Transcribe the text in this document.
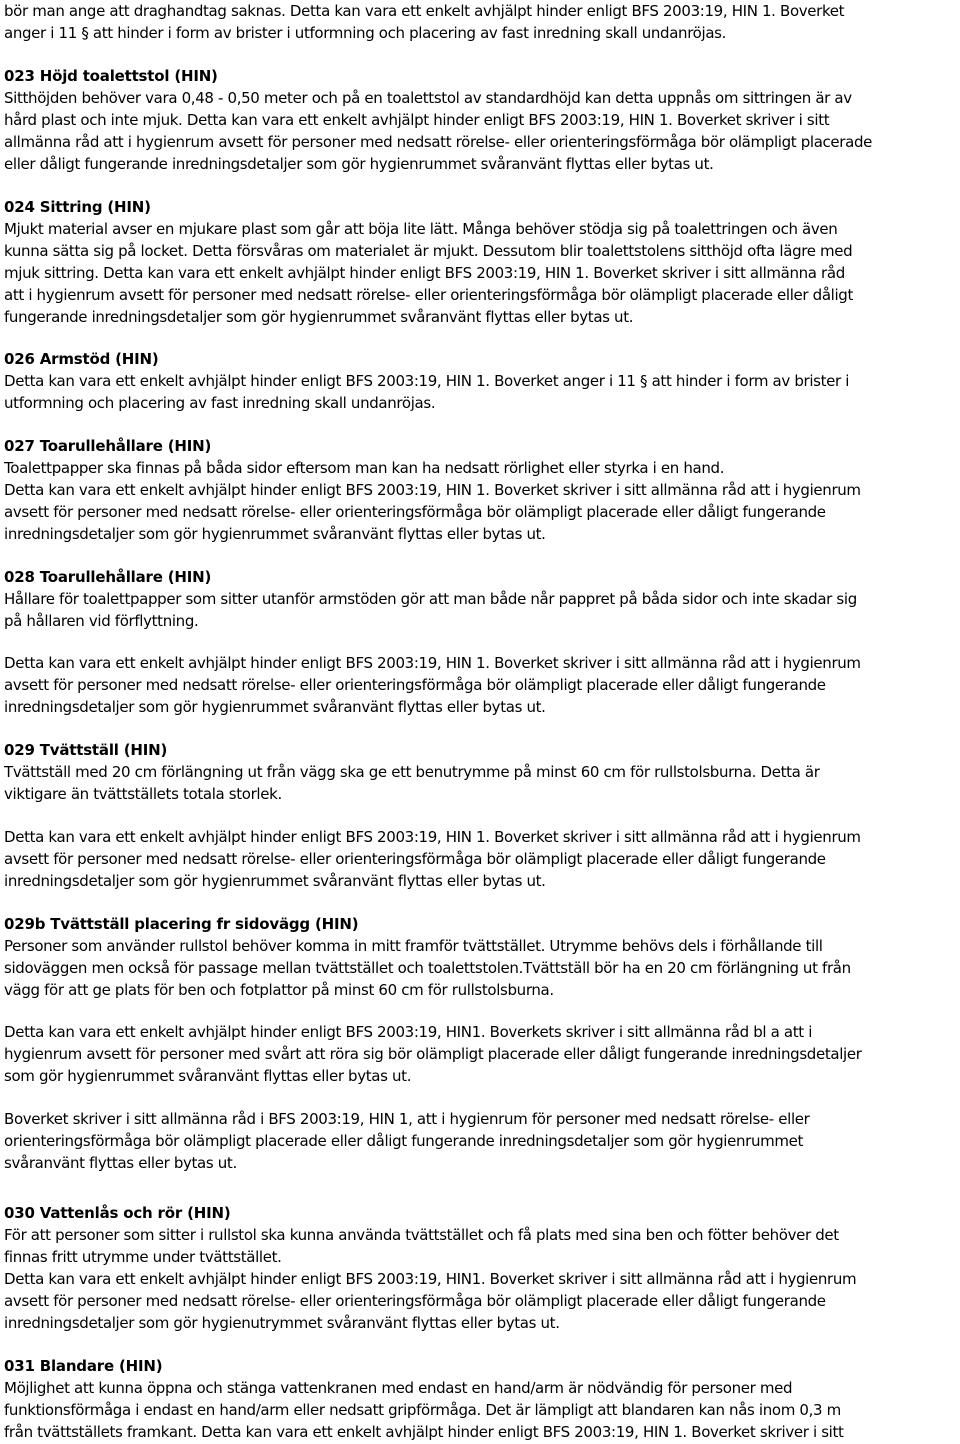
bör man ange att draghandtag saknas. Detta kan vara ett enkelt avhjälpt hinder enligt BFS 2003:19, HIN 1. Boverket
anger i 11 § att hinder i form av brister i utformning och placering av fast inredning skall undanröjas.
023 Höjd toalettstol (HIN)
Sitthöjden behöver vara 0,48 - 0,50 meter och på en toalettstol av standardhöjd kan detta uppnås om sittringen är av
hård plast och inte mjuk. Detta kan vara ett enkelt avhjälpt hinder enligt BFS 2003:19, HIN 1. Boverket skriver i sitt
allmänna råd att i hygienrum avsett för personer med nedsatt rörelse- eller orienteringsförmåga bör olämpligt placerade
eller dåligt fungerande inredningsdetaljer som gör hygienrummet svåranvänt flyttas eller bytas ut.
024 Sittring (HIN)
Mjukt material avser en mjukare plast som går att böja lite lätt. Många behöver stödja sig på toalettringen och även
kunna sätta sig på locket. Detta försvåras om materialet är mjukt. Dessutom blir toalettstolens sitthöjd ofta lägre med
mjuk sittring. Detta kan vara ett enkelt avhjälpt hinder enligt BFS 2003:19, HIN 1. Boverket skriver i sitt allmänna råd
att i hygienrum avsett för personer med nedsatt rörelse- eller orienteringsförmåga bör olämpligt placerade eller dåligt
fungerande inredningsdetaljer som gör hygienrummet svåranvänt flyttas eller bytas ut.
026 Armstöd (HIN)
Detta kan vara ett enkelt avhjälpt hinder enligt BFS 2003:19, HIN 1. Boverket anger i 11 § att hinder i form av brister i
utformning och placering av fast inredning skall undanröjas.
027 Toarullehållare (HIN)
Toalettpapper ska finnas på båda sidor eftersom man kan ha nedsatt rörlighet eller styrka i en hand.
Detta kan vara ett enkelt avhjälpt hinder enligt BFS 2003:19, HIN 1. Boverket skriver i sitt allmänna råd att i hygienrum
avsett för personer med nedsatt rörelse- eller orienteringsförmåga bör olämpligt placerade eller dåligt fungerande
inredningsdetaljer som gör hygienrummet svåranvänt flyttas eller bytas ut.
028 Toarullehållare (HIN)
Hållare för toalettpapper som sitter utanför armstöden gör att man både når pappret på båda sidor och inte skadar sig
på hållaren vid förflyttning.
Detta kan vara ett enkelt avhjälpt hinder enligt BFS 2003:19, HIN 1. Boverket skriver i sitt allmänna råd att i hygienrum
avsett för personer med nedsatt rörelse- eller orienteringsförmåga bör olämpligt placerade eller dåligt fungerande
inredningsdetaljer som gör hygienrummet svåranvänt flyttas eller bytas ut.
029 Tvättställ (HIN)
Tvättställ med 20 cm förlängning ut från vägg ska ge ett benutrymme på minst 60 cm för rullstolsburna. Detta är
viktigare än tvättställets totala storlek.
Detta kan vara ett enkelt avhjälpt hinder enligt BFS 2003:19, HIN 1. Boverket skriver i sitt allmänna råd att i hygienrum
avsett för personer med nedsatt rörelse- eller orienteringsförmåga bör olämpligt placerade eller dåligt fungerande
inredningsdetaljer som gör hygienrummet svåranvänt flyttas eller bytas ut.
029b Tvättställ placering fr sidovägg (HIN)
Personer som använder rullstol behöver komma in mitt framför tvättstället. Utrymme behövs dels i förhållande till
sidoväggen men också för passage mellan tvättstället och toalettstolen.Tvättställ bör ha en 20 cm förlängning ut från
vägg för att ge plats för ben och fotplattor på minst 60 cm för rullstolsburna.
Detta kan vara ett enkelt avhjälpt hinder enligt BFS 2003:19, HIN1. Boverkets skriver i sitt allmänna råd bl a att i
hygienrum avsett för personer med svårt att röra sig bör olämpligt placerade eller dåligt fungerande inredningsdetaljer
som gör hygienrummet svåranvänt flyttas eller bytas ut.
Boverket skriver i sitt allmänna råd i BFS 2003:19, HIN 1, att i hygienrum för personer med nedsatt rörelse- eller
orienteringsförmåga bör olämpligt placerade eller dåligt fungerande inredningsdetaljer som gör hygienrummet
svåranvänt flyttas eller bytas ut.
030 Vattenlås och rör (HIN)
För att personer som sitter i rullstol ska kunna använda tvättstället och få plats med sina ben och fötter behöver det
finnas fritt utrymme under tvättstället.
Detta kan vara ett enkelt avhjälpt hinder enligt BFS 2003:19, HIN1. Boverket skriver i sitt allmänna råd att i hygienrum
avsett för personer med nedsatt rörelse- eller orienteringsförmåga bör olämpligt placerade eller dåligt fungerande
inredningsdetaljer som gör hygienutrymmet svåranvänt flyttas eller bytas ut.
031 Blandare (HIN)
Möjlighet att kunna öppna och stänga vattenkranen med endast en hand/arm är nödvändig för personer med
funktionsförmåga i endast en hand/arm eller nedsatt gripförmåga. Det är lämpligt att blandaren kan nås inom 0,3 m
från tvättställets framkant. Detta kan vara ett enkelt avhjälpt hinder enligt BFS 2003:19, HIN 1. Boverket skriver i sitt
